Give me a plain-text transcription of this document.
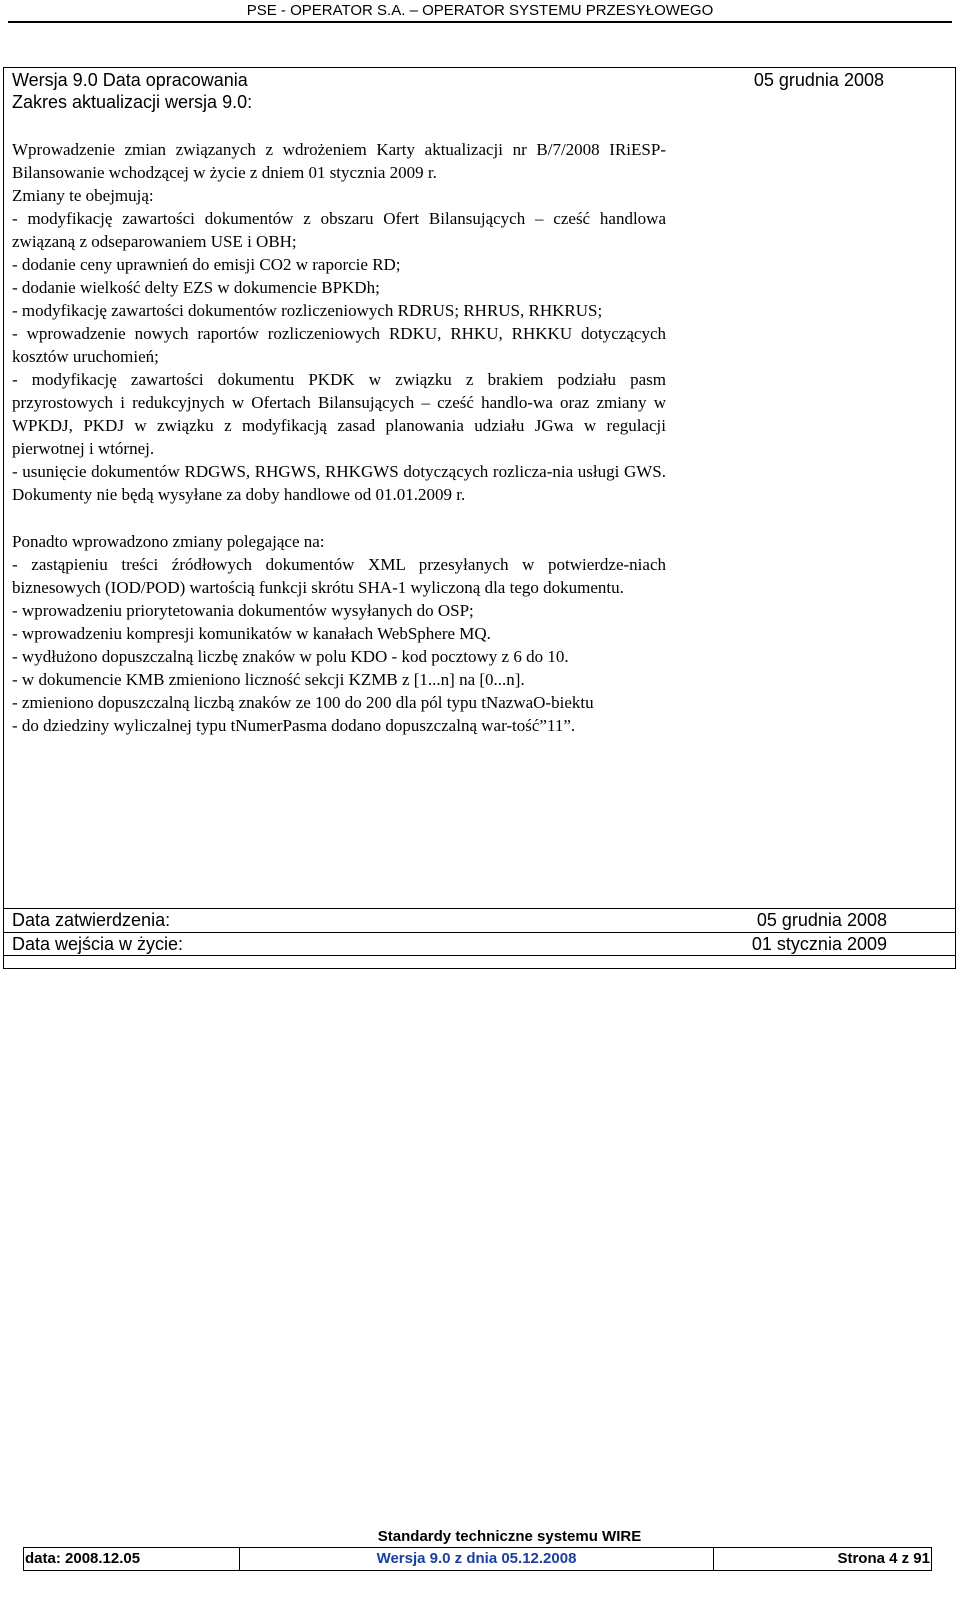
PSE - OPERATOR S.A. – OPERATOR SYSTEMU PRZESYŁOWEGO
Wersja 9.0 Data opracowania	05 grudnia 2008
Zakres aktualizacji wersja 9.0:

Wprowadzenie zmian związanych z wdrożeniem Karty aktualizacji nr B/7/2008 IRiESP-Bilansowanie wchodzącej w życie z dniem 01 stycznia 2009 r.

Zmiany te obejmują:

- modyfikację zawartości dokumentów z obszaru Ofert Bilansujących – cześć handlowa związaną z odseparowaniem USE i OBH;

- dodanie ceny uprawnień do emisji CO2 w raporcie RD;

- dodanie wielkość delty EZS w dokumencie BPKDh;

- modyfikację zawartości dokumentów rozliczeniowych RDRUS; RHRUS, RHKRUS;

- wprowadzenie nowych raportów rozliczeniowych RDKU, RHKU, RHKKU dotyczących kosztów uruchomień;

- modyfikację zawartości dokumentu PKDK w związku z brakiem podziału pasm przyrostowych i redukcyjnych w Ofertach Bilansujących – cześć handlo-wa oraz zmiany w WPKDJ, PKDJ w związku z modyfikacją zasad planowania udziału JGwa w regulacji pierwotnej i wtórnej.

- usunięcie dokumentów RDGWS, RHGWS, RHKGWS dotyczących rozlicza-nia usługi GWS. Dokumenty nie będą wysyłane za doby handlowe od 01.01.2009 r.

Ponadto wprowadzono zmiany polegające na:

- zastąpieniu treści źródłowych dokumentów XML przesyłanych w potwierdze-niach biznesowych (IOD/POD) wartością funkcji skrótu SHA-1 wyliczoną dla tego dokumentu.

- wprowadzeniu priorytetowania dokumentów wysyłanych do OSP;

- wprowadzeniu kompresji komunikatów w kanałach WebSphere MQ.

- wydłużono dopuszczalną liczbę znaków w polu KDO - kod pocztowy z 6 do 10.

- w dokumencie KMB zmieniono liczność sekcji KZMB z [1...n] na [0...n].

- zmieniono dopuszczalną liczbą znaków ze 100 do 200 dla pól typu tNazwaO-biektu

- do dziedziny wyliczalnej typu tNumerPasma dodano dopuszczalną war-tość”11”.

Data zatwierdzenia:	05 grudnia 2008
Data wejścia w życie:	01 stycznia 2009
Standardy techniczne systemu WIRE
data: 2008.12.05	Wersja 9.0 z dnia 05.12.2008	Strona 4 z 91
